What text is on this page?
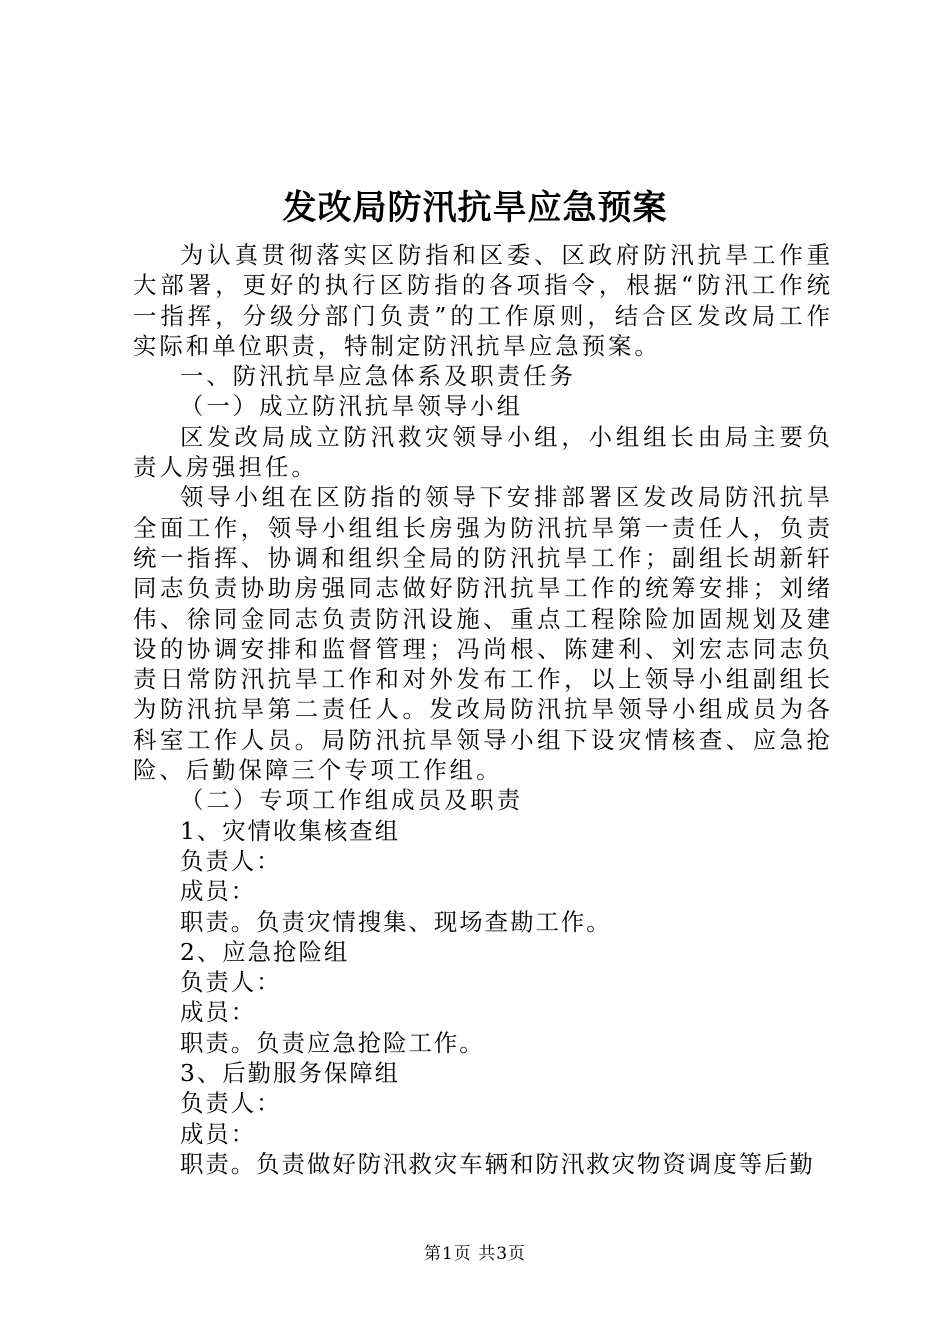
发改局防汛抗旱应急预案

为认真贯彻落实区防指和区委、区政府防汛抗旱工作重大部署，更好的执行区防指的各项指令，根据“防汛工作统一指挥，分级分部门负责”的工作原则，结合区发改局工作实际和单位职责，特制定防汛抗旱应急预案。

一、防汛抗旱应急体系及职责任务

（一）成立防汛抗旱领导小组

区发改局成立防汛救灾领导小组，小组组长由局主要负责人房强担任。

领导小组在区防指的领导下安排部署区发改局防汛抗旱全面工作，领导小组组长房强为防汛抗旱第一责任人，负责统一指挥、协调和组织全局的防汛抗旱工作；副组长胡新轩同志负责协助房强同志做好防汛抗旱工作的统筹安排；刘绪伟、徐同金同志负责防汛设施、重点工程除险加固规划及建设的协调安排和监督管理；冯尚根、陈建利、刘宏志同志负责日常防汛抗旱工作和对外发布工作，以上领导小组副组长为防汛抗旱第二责任人。发改局防汛抗旱领导小组成员为各科室工作人员。局防汛抗旱领导小组下设灾情核查、应急抢险、后勤保障三个专项工作组。

（二）专项工作组成员及职责

1、灾情收集核查组

负责人：

成员：

职责。负责灾情搜集、现场查勘工作。

2、应急抢险组

负责人：

成员：

职责。负责应急抢险工作。

3、后勤服务保障组

负责人：

成员：

职责。负责做好防汛救灾车辆和防汛救灾物资调度等后勤

第1页 共3页
